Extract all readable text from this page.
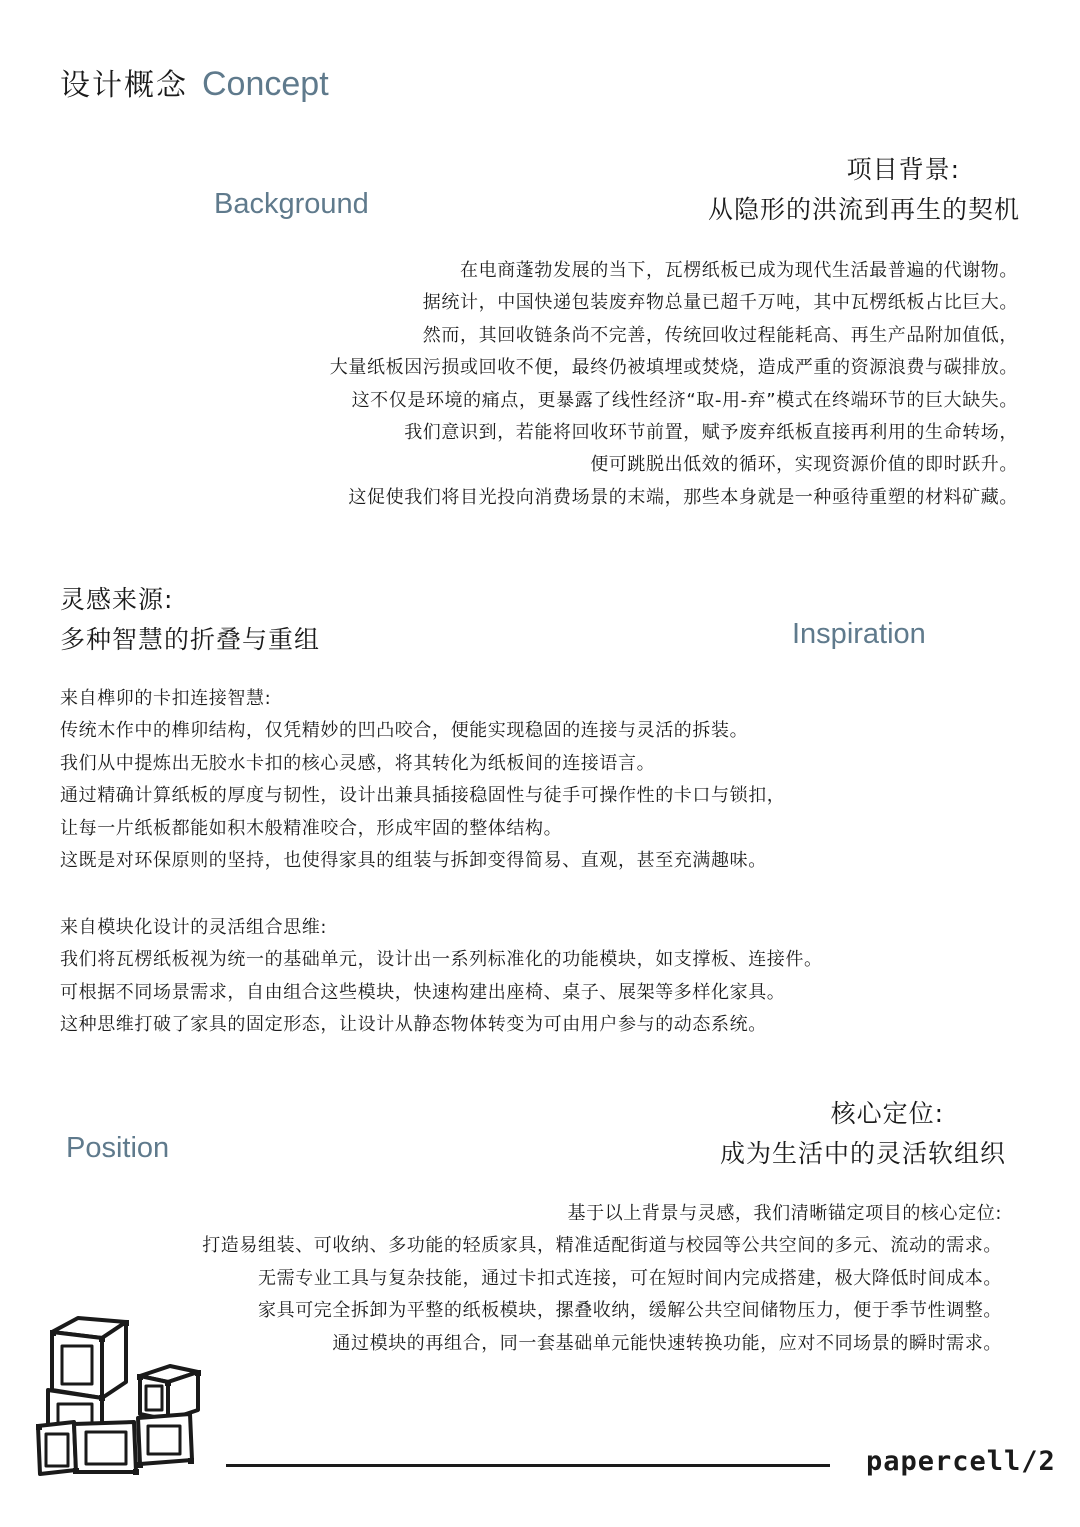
设计概念 Concept
Background
项目背景:
从隐形的洪流到再生的契机
在电商蓬勃发展的当下，瓦楞纸板已成为现代生活最普遍的代谢物。
据统计，中国快递包装废弃物总量已超千万吨，其中瓦楞纸板占比巨大。
然而，其回收链条尚不完善，传统回收过程能耗高、再生产品附加值低，
大量纸板因污损或回收不便，最终仍被填埋或焚烧，造成严重的资源浪费与碳排放。
这不仅是环境的痛点，更暴露了线性经济“取-用-弃”模式在终端环节的巨大缺失。
我们意识到，若能将回收环节前置，赋予废弃纸板直接再利用的生命转场，
便可跳脱出低效的循环，实现资源价值的即时跃升。
这促使我们将目光投向消费场景的末端，那些本身就是一种亟待重塑的材料矿藏。
灵感来源:
多种智慧的折叠与重组	Inspiration
来自榫卯的卡扣连接智慧:
传统木作中的榫卯结构，仅凭精妙的凹凸咬合，便能实现稳固的连接与灵活的拆装。
我们从中提炼出无胶水卡扣的核心灵感，将其转化为纸板间的连接语言。
通过精确计算纸板的厚度与韧性，设计出兼具插接稳固性与徒手可操作性的卡口与锁扣，
让每一片纸板都能如积木般精准咬合，形成牢固的整体结构。
这既是对环保原则的坚持，也使得家具的组装与拆卸变得简易、直观，甚至充满趣味。
来自模块化设计的灵活组合思维:
我们将瓦楞纸板视为统一的基础单元，设计出一系列标准化的功能模块，如支撑板、连接件。
可根据不同场景需求，自由组合这些模块，快速构建出座椅、桌子、展架等多样化家具。
这种思维打破了家具的固定形态，让设计从静态物体转变为可由用户参与的动态系统。
Position
核心定位:
成为生活中的灵活软组织
基于以上背景与灵感，我们清晰锚定项目的核心定位:
打造易组装、可收纳、多功能的轻质家具，精准适配街道与校园等公共空间的多元、流动的需求。
无需专业工具与复杂技能，通过卡扣式连接，可在短时间内完成搭建，极大降低时间成本。
家具可完全拆卸为平整的纸板模块，摞叠收纳，缓解公共空间储物压力，便于季节性调整。
通过模块的再组合，同一套基础单元能快速转换功能，应对不同场景的瞬时需求。
papercell/2
